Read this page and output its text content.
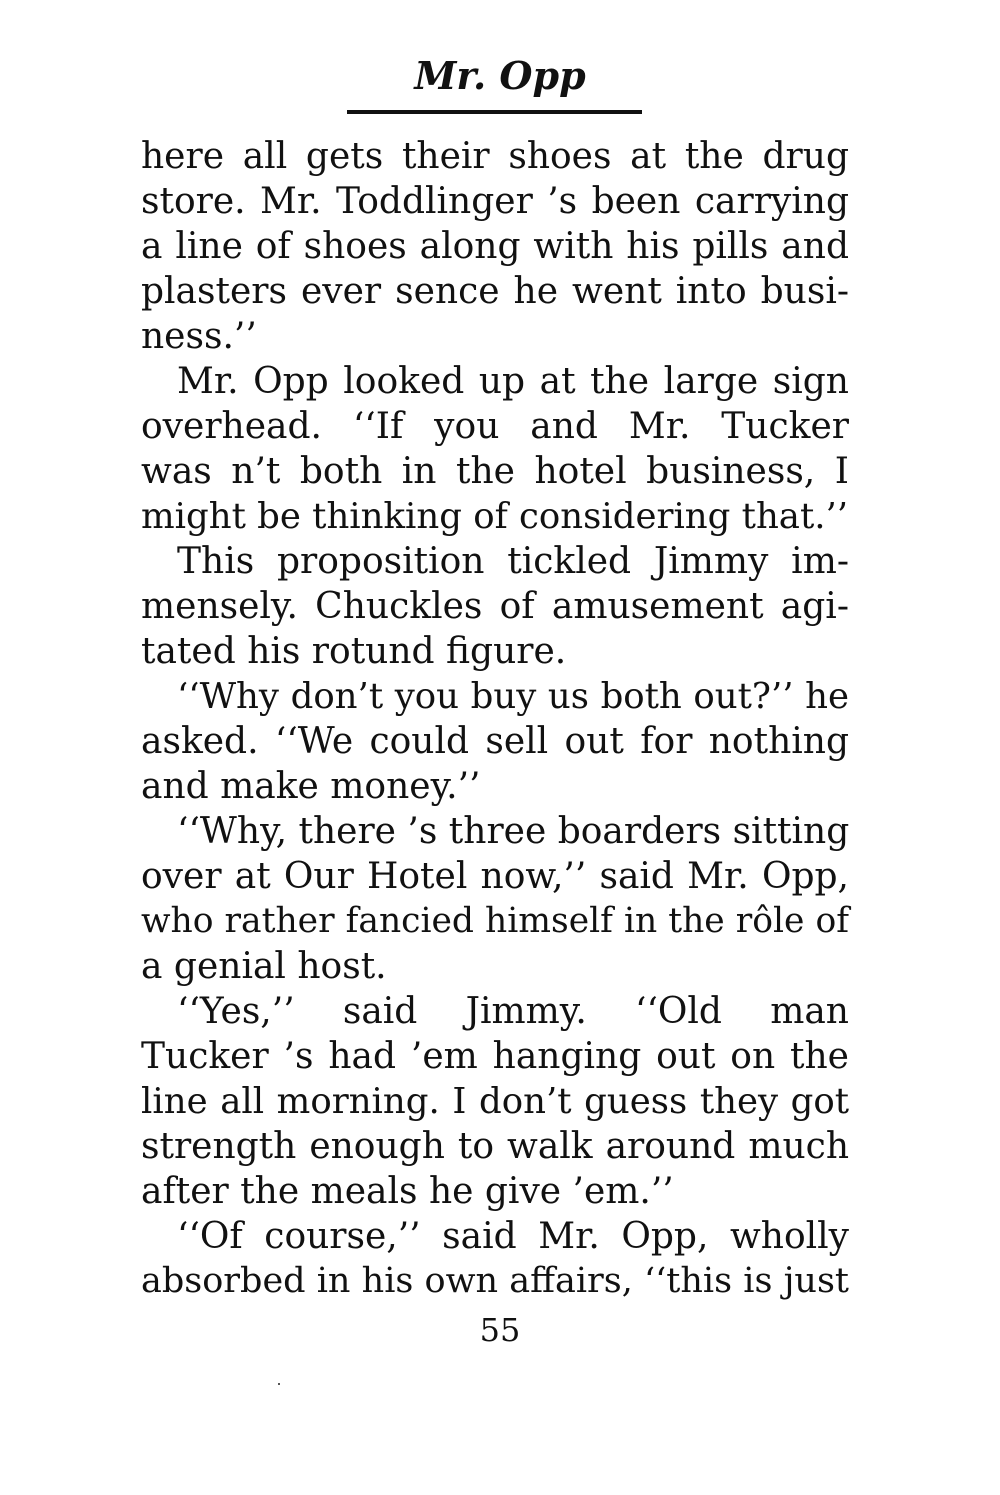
Mr. Opp
here all gets their shoes at the drug
store. Mr. Toddlinger ’s been carrying
a line of shoes along with his pills and
plasters ever sence he went into busi-
ness.’’
Mr. Opp looked up at the large sign
overhead. ‘‘If you and Mr. Tucker
was n’t both in the hotel business, I
might be thinking of considering that.’’
This proposition tickled Jimmy im-
mensely. Chuckles of amusement agi-
tated his rotund figure.
‘‘Why don’t you buy us both out?’’ he
asked. ‘‘We could sell out for nothing
and make money.’’
‘‘Why, there ’s three boarders sitting
over at Our Hotel now,’’ said Mr. Opp,
who rather fancied himself in the rôle of
a genial host.
‘‘Yes,’’ said Jimmy. ‘‘Old man
Tucker ’s had ’em hanging out on the
line all morning. I don’t guess they got
strength enough to walk around much
after the meals he give ’em.’’
‘‘Of course,’’ said Mr. Opp, wholly
absorbed in his own affairs, ‘‘this is just
55
